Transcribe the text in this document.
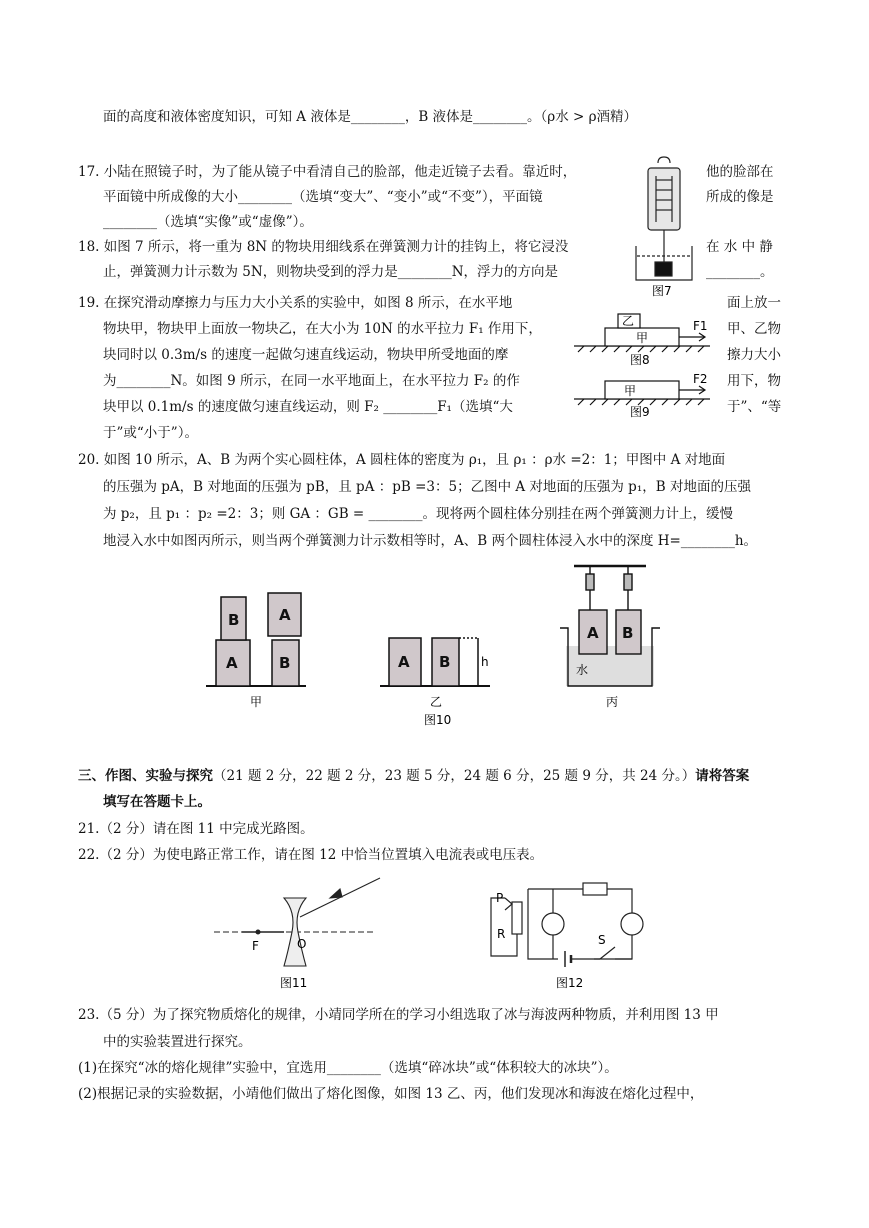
面的高度和液体密度知识，可知 A 液体是________，B 液体是________。（ρ水 > ρ酒精）
17. 小陆在照镜子时，为了能从镜子中看清自己的脸部，他走近镜子去看。靠近时，	他的脸部在
平面镜中所成像的大小________（选填“变大”、“变小”或“不变”），平面镜	所成的像是
________（选填“实像”或“虚像”）。
18. 如图 7 所示，将一重为 8N 的物块用细线系在弹簧测力计的挂钩上，将它浸没	在 水 中 静
止，弹簧测力计示数为 5N，则物块受到的浮力是________N，浮力的方向是	________。
19. 在探究滑动摩擦力与压力大小关系的实验中，如图 8 所示，在水平地	面上放一
物块甲，物块甲上面放一物块乙，在大小为 10N 的水平拉力 F₁ 作用下，	甲、乙物
块同时以 0.3m/s 的速度一起做匀速直线运动，物块甲所受地面的摩	擦力大小
为________N。如图 9 所示，在同一水平地面上，在水平拉力 F₂ 的作	用下，物
块甲以 0.1m/s 的速度做匀速直线运动，则 F₂ ________F₁（选填“大	于”、“等
于”或“小于”）。
20. 如图 10 所示，A、B 为两个实心圆柱体，A 圆柱体的密度为 ρ₁，且 ρ₁ ：ρ水 =2：1；甲图中 A 对地面
的压强为 pA，B 对地面的压强为 pB，且 pA ：pB =3：5；乙图中 A 对地面的压强为 p₁，B 对地面的压强
为 p₂，且 p₁ ：p₂ =2：3；则 GA ：GB = ________。现将两个圆柱体分别挂在两个弹簧测力计上，缓慢
地浸入水中如图丙所示，则当两个弹簧测力计示数相等时，A、B 两个圆柱体浸入水中的深度 H=________h。
三、作图、实验与探究（21 题 2 分，22 题 2 分，23 题 5 分，24 题 6 分，25 题 9 分，共 24 分。）请将答案
填写在答题卡上。
21.（2 分）请在图 11 中完成光路图。
22.（2 分）为使电路正常工作，请在图 12 中恰当位置填入电流表或电压表。
23.（5 分）为了探究物质熔化的规律，小靖同学所在的学习小组选取了冰与海波两种物质，并利用图 13 甲
中的实验装置进行探究。
(1)在探究“冰的熔化规律”实验中，宜选用________（选填“碎冰块”或“体积较大的冰块”）。
(2)根据记录的实验数据，小靖他们做出了熔化图像，如图 13 乙、丙，他们发现冰和海波在熔化过程中，
图7
乙
甲
F1
图8
甲
F2
图9
B
A
A
B
甲
A B	h
乙
图10
A B
水
丙
F	O
图11
P
R	S
图12
